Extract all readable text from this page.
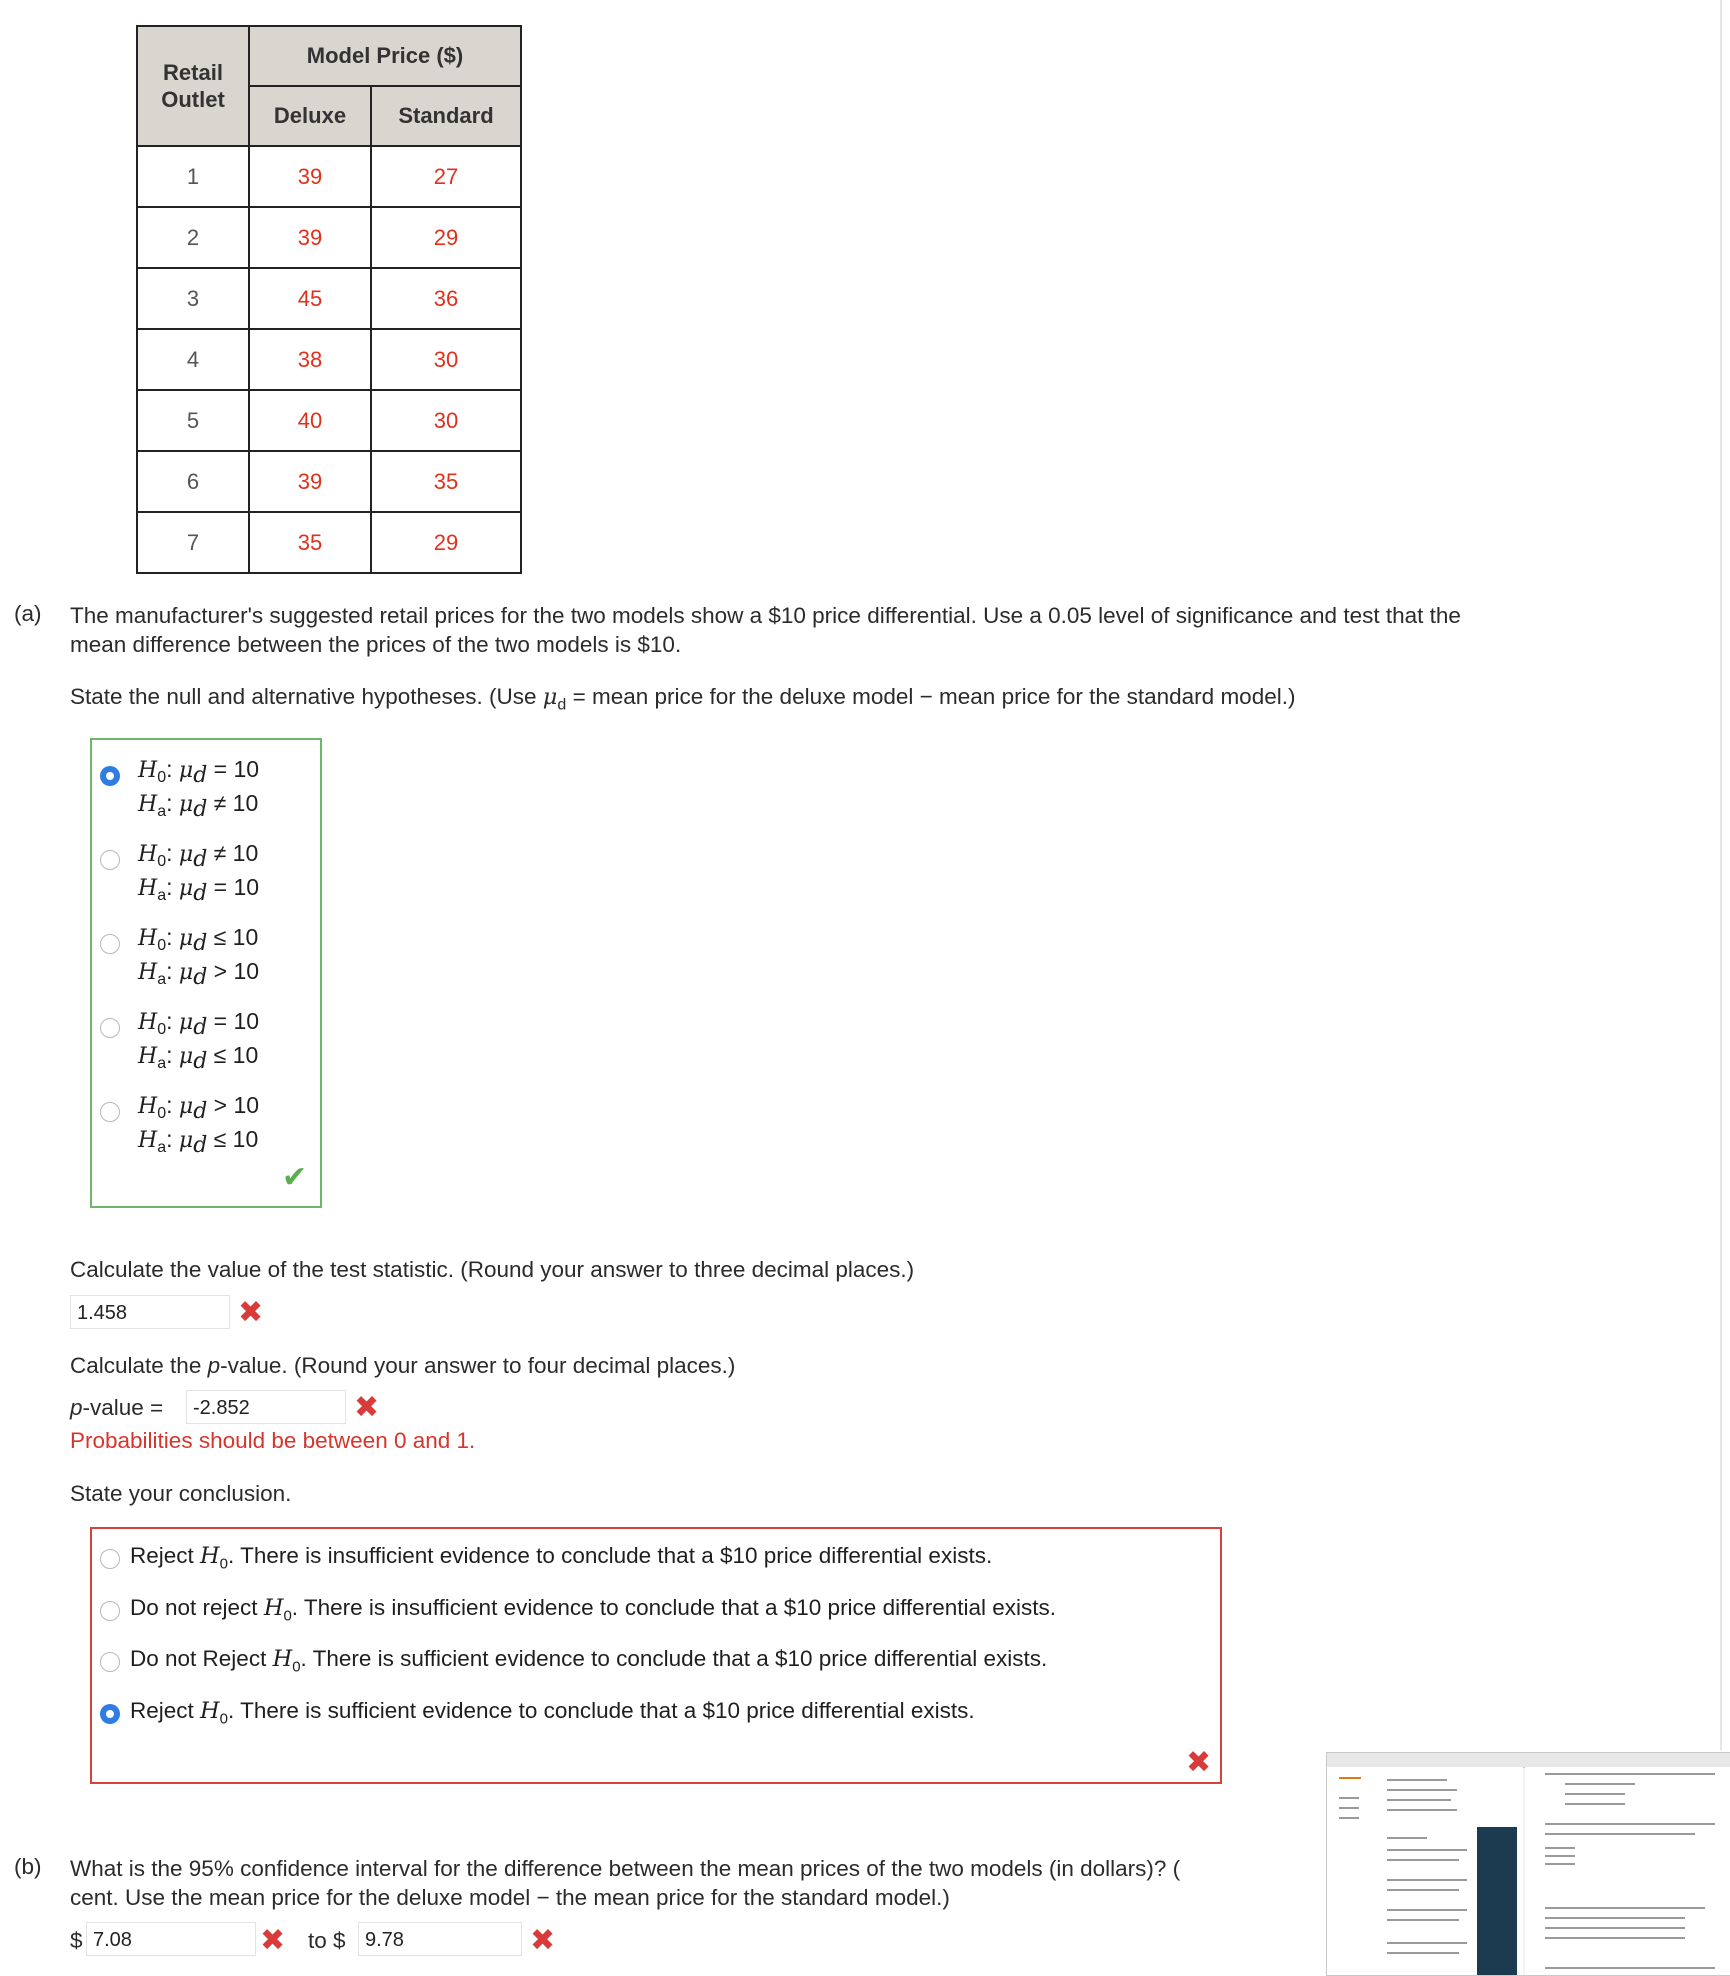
Retail
Outlet	Model Price ($)	
	Deluxe	Standard
1	39	27
2	39	29
3	45	36
4	38	30
5	40	30
6	39	35
7	35	29
(a) The manufacturer's suggested retail prices for the two models show a $10 price differential. Use a 0.05 level of significance and test that the
mean difference between the prices of the two models is $10.
State the null and alternative hypotheses. (Use $\mu_d$ = mean price for the deluxe model − mean price for the standard model.)
$H_0$: $\mu_d = 10$
$H_a$: $\mu_d \ne 10$
$H_0$: $\mu_d \ne 10$
$H_a$: $\mu_d = 10$
$H_0$: $\mu_d \le 10$
$H_a$: $\mu_d > 10$
$H_0$: $\mu_d = 10$
$H_a$: $\mu_d \le 10$
$H_0$: $\mu_d > 10$
$H_a$: $\mu_d \le 10$
✔
Calculate the value of the test statistic. (Round your answer to three decimal places.)
1.458	✖
Calculate the p-value. (Round your answer to four decimal places.)
p-value =	-2.852	✖
Probabilities should be between 0 and 1.
State your conclusion.
Reject $H_0$. There is insufficient evidence to conclude that a $10 price differential exists.
Do not reject $H_0$. There is insufficient evidence to conclude that a $10 price differential exists.
Do not Reject $H_0$. There is sufficient evidence to conclude that a $10 price differential exists.
Reject $H_0$. There is sufficient evidence to conclude that a $10 price differential exists.
✖
(b) What is the 95% confidence interval for the difference between the mean prices of the two models (in dollars)? (
cent. Use the mean price for the deluxe model − the mean price for the standard model.)
$ 7.08	✖ to $ 9.78	✖
